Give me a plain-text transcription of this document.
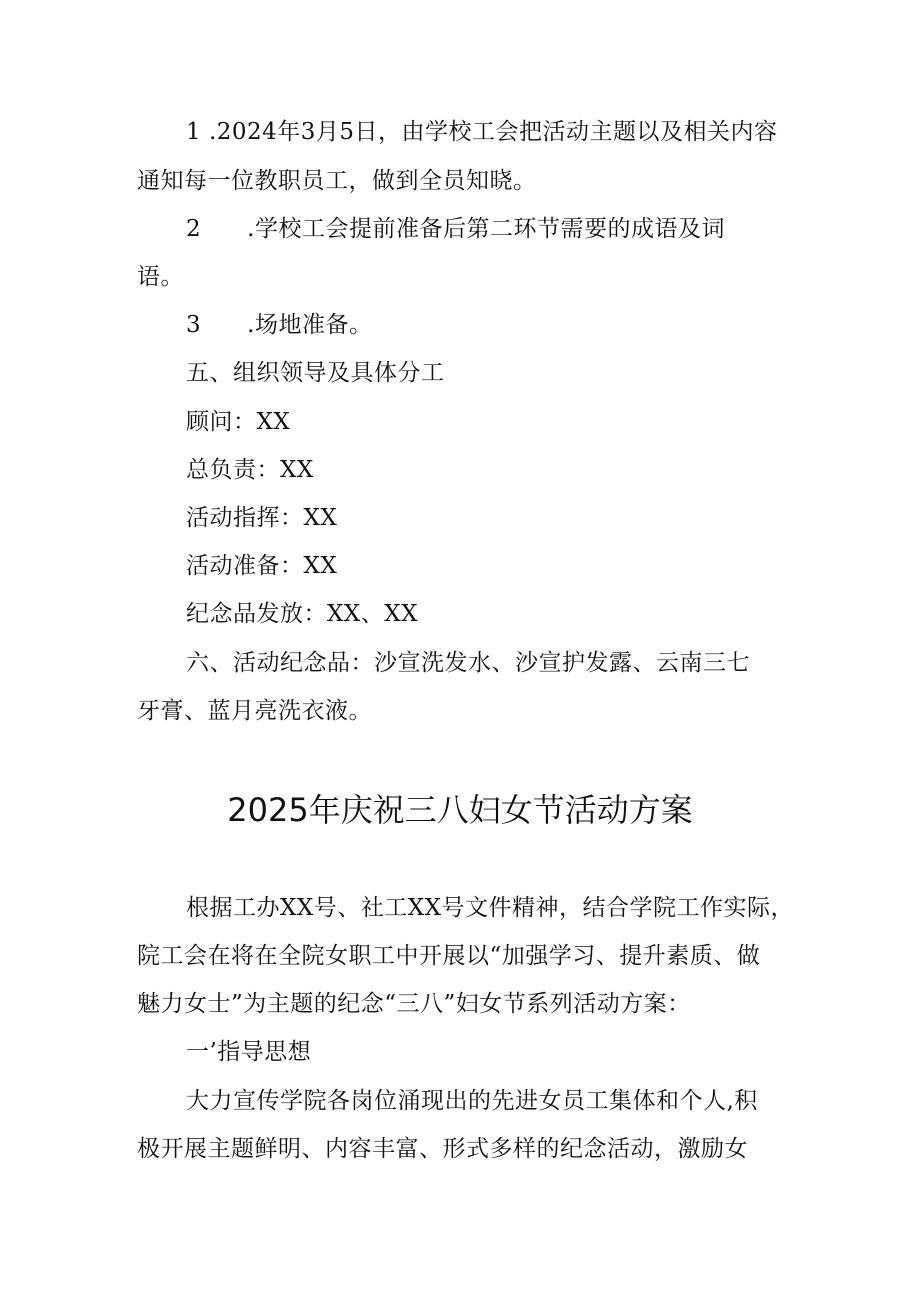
1 .2024年3月5日，由学校工会把活动主题以及相关内容
通知每一位教职员工，做到全员知晓。
2 .学校工会提前准备后第二环节需要的成语及词
语。
3 .场地准备。
五、组织领导及具体分工
顾问：XX
总负责：XX
活动指挥：XX
活动准备：XX
纪念品发放：XX、XX
六、活动纪念品：沙宣洗发水、沙宣护发露、云南三七
牙膏、蓝月亮洗衣液。
2025年庆祝三八妇女节活动方案
根据工办XX号、社工XX号文件精神，结合学院工作实际，
院工会在将在全院女职工中开展以“加强学习、提升素质、做
魅力女士”为主题的纪念“三八”妇女节系列活动方案：
一’指导思想
大力宣传学院各岗位涌现出的先进女员工集体和个人,积
极开展主题鲜明、内容丰富、形式多样的纪念活动，激励女
